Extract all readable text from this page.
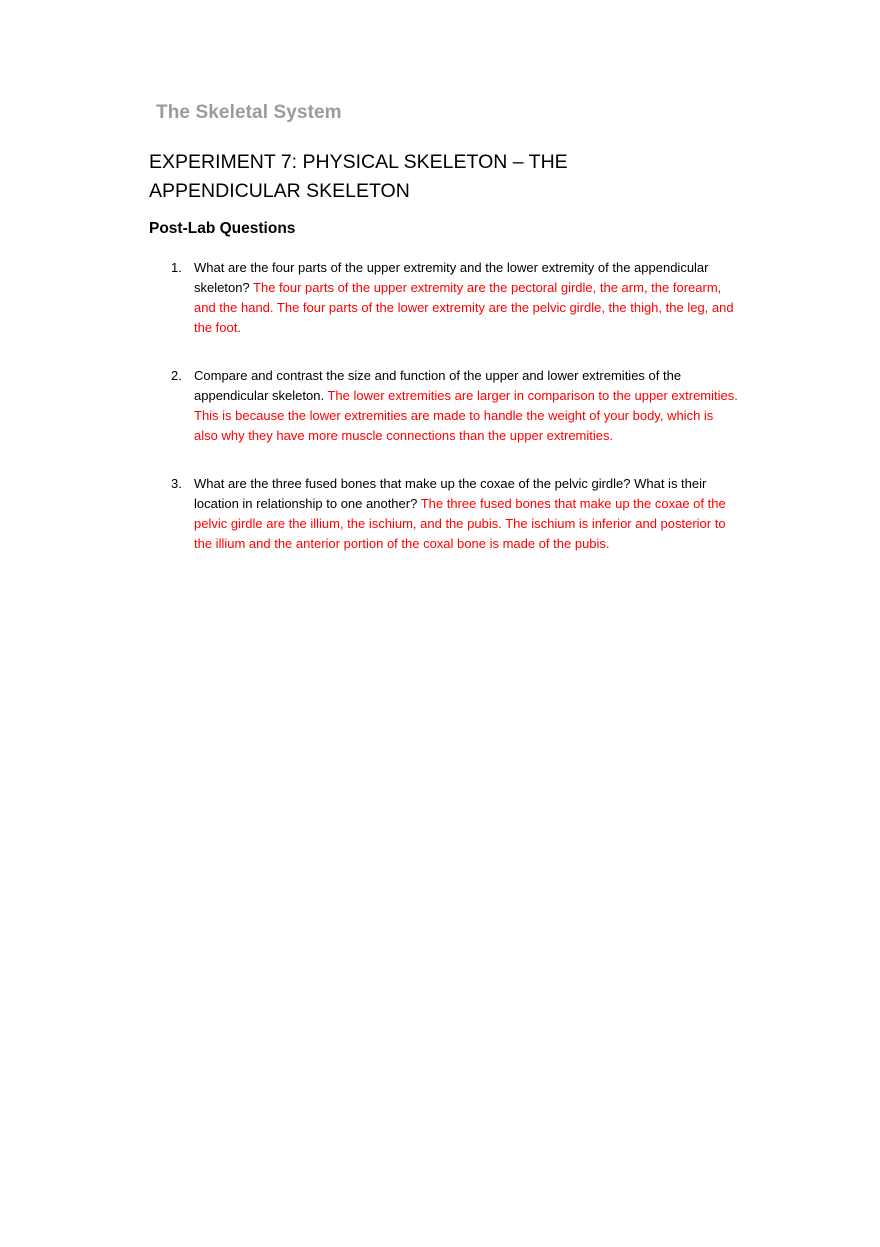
The Skeletal System
EXPERIMENT 7: PHYSICAL SKELETON – THE APPENDICULAR SKELETON
Post-Lab Questions
1. What are the four parts of the upper extremity and the lower extremity of the appendicular skeleton? The four parts of the upper extremity are the pectoral girdle, the arm, the forearm, and the hand. The four parts of the lower extremity are the pelvic girdle, the thigh, the leg, and the foot.
2. Compare and contrast the size and function of the upper and lower extremities of the appendicular skeleton. The lower extremities are larger in comparison to the upper extremities. This is because the lower extremities are made to handle the weight of your body, which is also why they have more muscle connections than the upper extremities.
3. What are the three fused bones that make up the coxae of the pelvic girdle? What is their location in relationship to one another? The three fused bones that make up the coxae of the pelvic girdle are the illium, the ischium, and the pubis. The ischium is inferior and posterior to the illium and the anterior portion of the coxal bone is made of the pubis.
